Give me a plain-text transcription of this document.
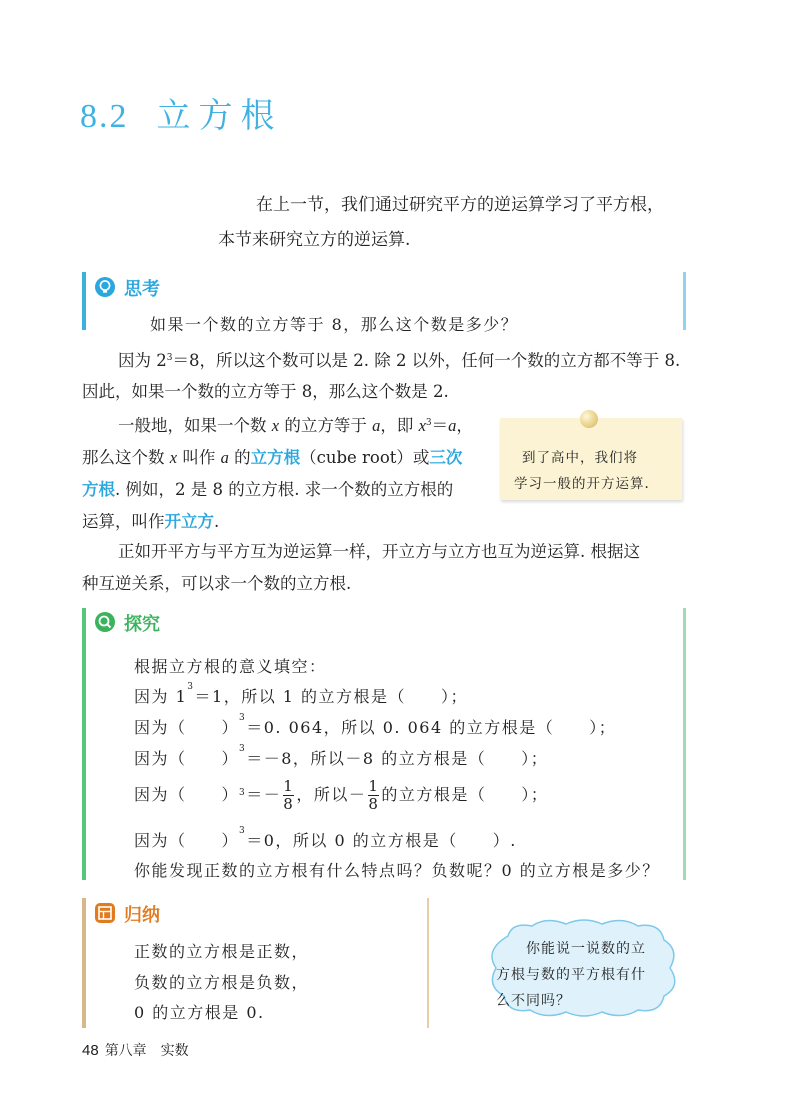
8.2 立方根
在上一节，我们通过研究平方的逆运算学习了平方根，
本节来研究立方的逆运算.
思考
如果一个数的立方等于 8，那么这个数是多少？
因为 $2^3=8$，所以这个数可以是 2. 除 2 以外，任何一个数的立方都不等于 8.
因此，如果一个数的立方等于 8，那么这个数是 2.
一般地，如果一个数 x 的立方等于 a，即 $x^3=a$，
那么这个数 x 叫作 a 的立方根（cube root）或三次
方根. 例如，2 是 8 的立方根. 求一个数的立方根的
运算，叫作开立方.
到了高中，我们将
学习一般的开方运算.
正如开平方与平方互为逆运算一样，开立方与立方也互为逆运算. 根据这
种互逆关系，可以求一个数的立方根.
探究
根据立方根的意义填空：
因为 $1^3=1$，所以 1 的立方根是（　　）；
因为（　　）$^3$＝0. 064，所以 0. 064 的立方根是（　　）；
因为（　　）$^3$＝－8，所以－8 的立方根是（　　）；
因为（　　）$^3=- \frac{1}{8}$ ，所以－ $\frac{1}{8}$ 的立方根是（　　）；
因为（　　）$^3$＝0，所以 0 的立方根是（　　）.
你能发现正数的立方根有什么特点吗？负数呢？0 的立方根是多少？
归纳
正数的立方根是正数，
负数的立方根是负数，
0 的立方根是 0.
你能说一说数的立
方根与数的平方根有什
么不同吗？
48 第八章　实数
